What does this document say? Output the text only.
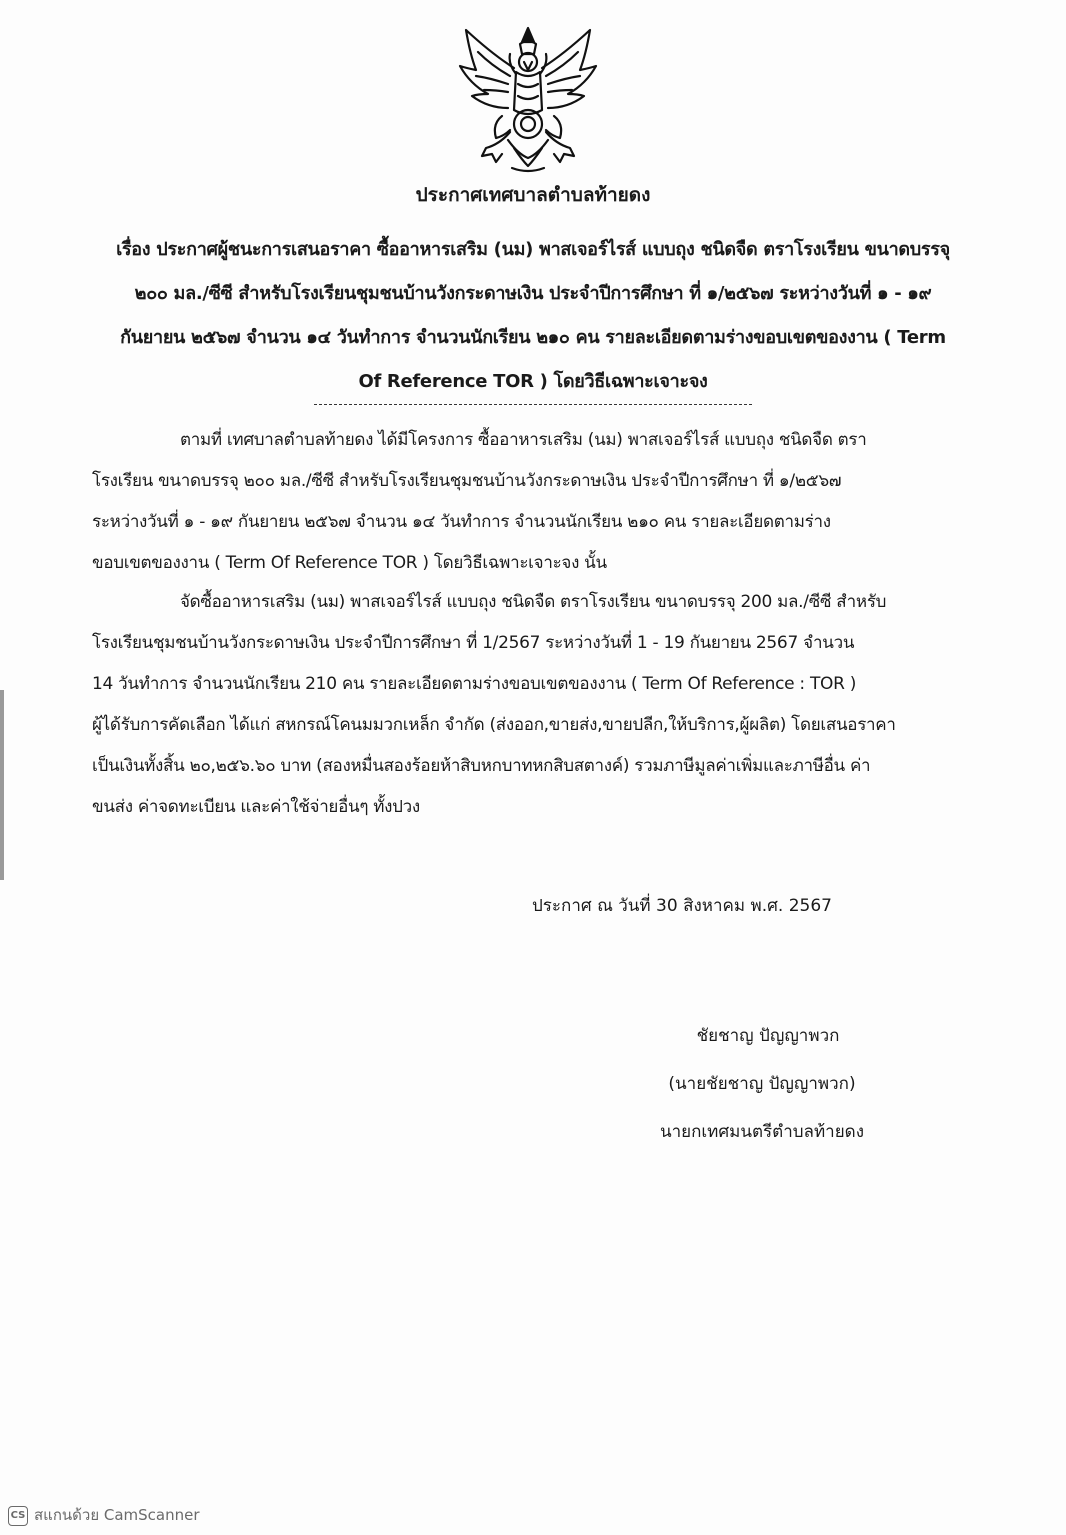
ประกาศเทศบาลตำบลท้ายดง
เรื่อง ประกาศผู้ชนะการเสนอราคา ซื้ออาหารเสริม (นม) พาสเจอร์ไรส์ แบบถุง ชนิดจืด ตราโรงเรียน ขนาดบรรจุ
๒๐๐ มล./ซีซี สำหรับโรงเรียนชุมชนบ้านวังกระดาษเงิน ประจำปีการศึกษา ที่ ๑/๒๕๖๗ ระหว่างวันที่ ๑ - ๑๙
กันยายน ๒๕๖๗ จำนวน ๑๔ วันทำการ จำนวนนักเรียน ๒๑๐ คน รายละเอียดตามร่างขอบเขตของงาน ( Term
Of Reference TOR ) โดยวิธีเฉพาะเจาะจง
ตามที่ เทศบาลตำบลท้ายดง ได้มีโครงการ ซื้ออาหารเสริม (นม) พาสเจอร์ไรส์ แบบถุง ชนิดจืด ตรา
โรงเรียน ขนาดบรรจุ ๒๐๐ มล./ซีซี สำหรับโรงเรียนชุมชนบ้านวังกระดาษเงิน ประจำปีการศึกษา ที่ ๑/๒๕๖๗
ระหว่างวันที่ ๑ - ๑๙ กันยายน ๒๕๖๗ จำนวน ๑๔ วันทำการ จำนวนนักเรียน ๒๑๐ คน รายละเอียดตามร่าง
ขอบเขตของงาน ( Term Of Reference TOR ) โดยวิธีเฉพาะเจาะจง นั้น
จัดซื้ออาหารเสริม (นม) พาสเจอร์ไรส์ แบบถุง ชนิดจืด ตราโรงเรียน ขนาดบรรจุ 200 มล./ซีซี สำหรับ
โรงเรียนชุมชนบ้านวังกระดาษเงิน ประจำปีการศึกษา ที่ 1/2567 ระหว่างวันที่ 1 - 19 กันยายน 2567 จำนวน
14 วันทำการ จำนวนนักเรียน 210 คน รายละเอียดตามร่างขอบเขตของงาน ( Term Of Reference : TOR )
ผู้ได้รับการคัดเลือก ได้แก่ สหกรณ์โคนมมวกเหล็ก จำกัด (ส่งออก,ขายส่ง,ขายปลีก,ให้บริการ,ผู้ผลิต) โดยเสนอราคา
เป็นเงินทั้งสิ้น ๒๐,๒๕๖.๖๐ บาท (สองหมื่นสองร้อยห้าสิบหกบาทหกสิบสตางค์) รวมภาษีมูลค่าเพิ่มและภาษีอื่น ค่า
ขนส่ง ค่าจดทะเบียน และค่าใช้จ่ายอื่นๆ ทั้งปวง
ประกาศ ณ วันที่ 30 สิงหาคม พ.ศ. 2567
ชัยชาญ ปัญญาพวก
(นายชัยชาญ ปัญญาพวก)
นายกเทศมนตรีตำบลท้ายดง
CS สแกนด้วย CamScanner
